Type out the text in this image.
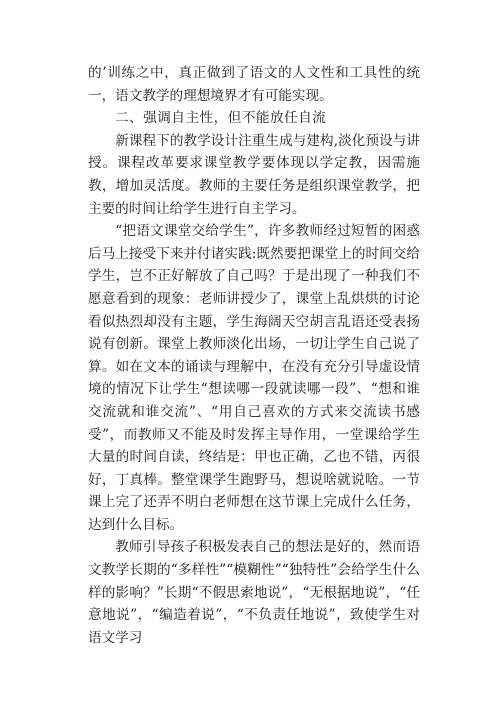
的’训练之中，真正做到了语文的人文性和工具性的统一，语文教学的理想境界才有可能实现。

二、强调自主性，但不能放任自流

新课程下的教学设计注重生成与建构,淡化预设与讲授。课程改革要求课堂教学要体现以学定教，因需施教，增加灵活度。教师的主要任务是组织课堂教学，把主要的时间让给学生进行自主学习。

“把语文课堂交给学生”，许多教师经过短暂的困惑后马上接受下来并付诸实践:既然要把课堂上的时间交给学生，岂不正好解放了自己吗？于是出现了一种我们不愿意看到的现象：老师讲授少了，课堂上乱烘烘的讨论看似热烈却没有主题，学生海阔天空胡言乱语还受表扬说有创新。课堂上教师淡化出场，一切让学生自己说了算。如在文本的诵读与理解中，在没有充分引导虚设情境的情况下让学生“想读哪一段就读哪一段”、“想和谁交流就和谁交流”、“用自己喜欢的方式来交流读书感受”，而教师又不能及时发挥主导作用，一堂课给学生大量的时间自读，终结是：甲也正确，乙也不错，丙很好，丁真棒。整堂课学生跑野马，想说啥就说啥。一节课上完了还弄不明白老师想在这节课上完成什么任务，达到什么目标。

教师引导孩子积极发表自己的想法是好的，然而语文教学长期的“多样性”“模糊性”“独特性”会给学生什么样的影响？”长期“不假思索地说”，“无根据地说”，“任意地说”，“编造着说”，“不负责任地说”，致使学生对语文学习
